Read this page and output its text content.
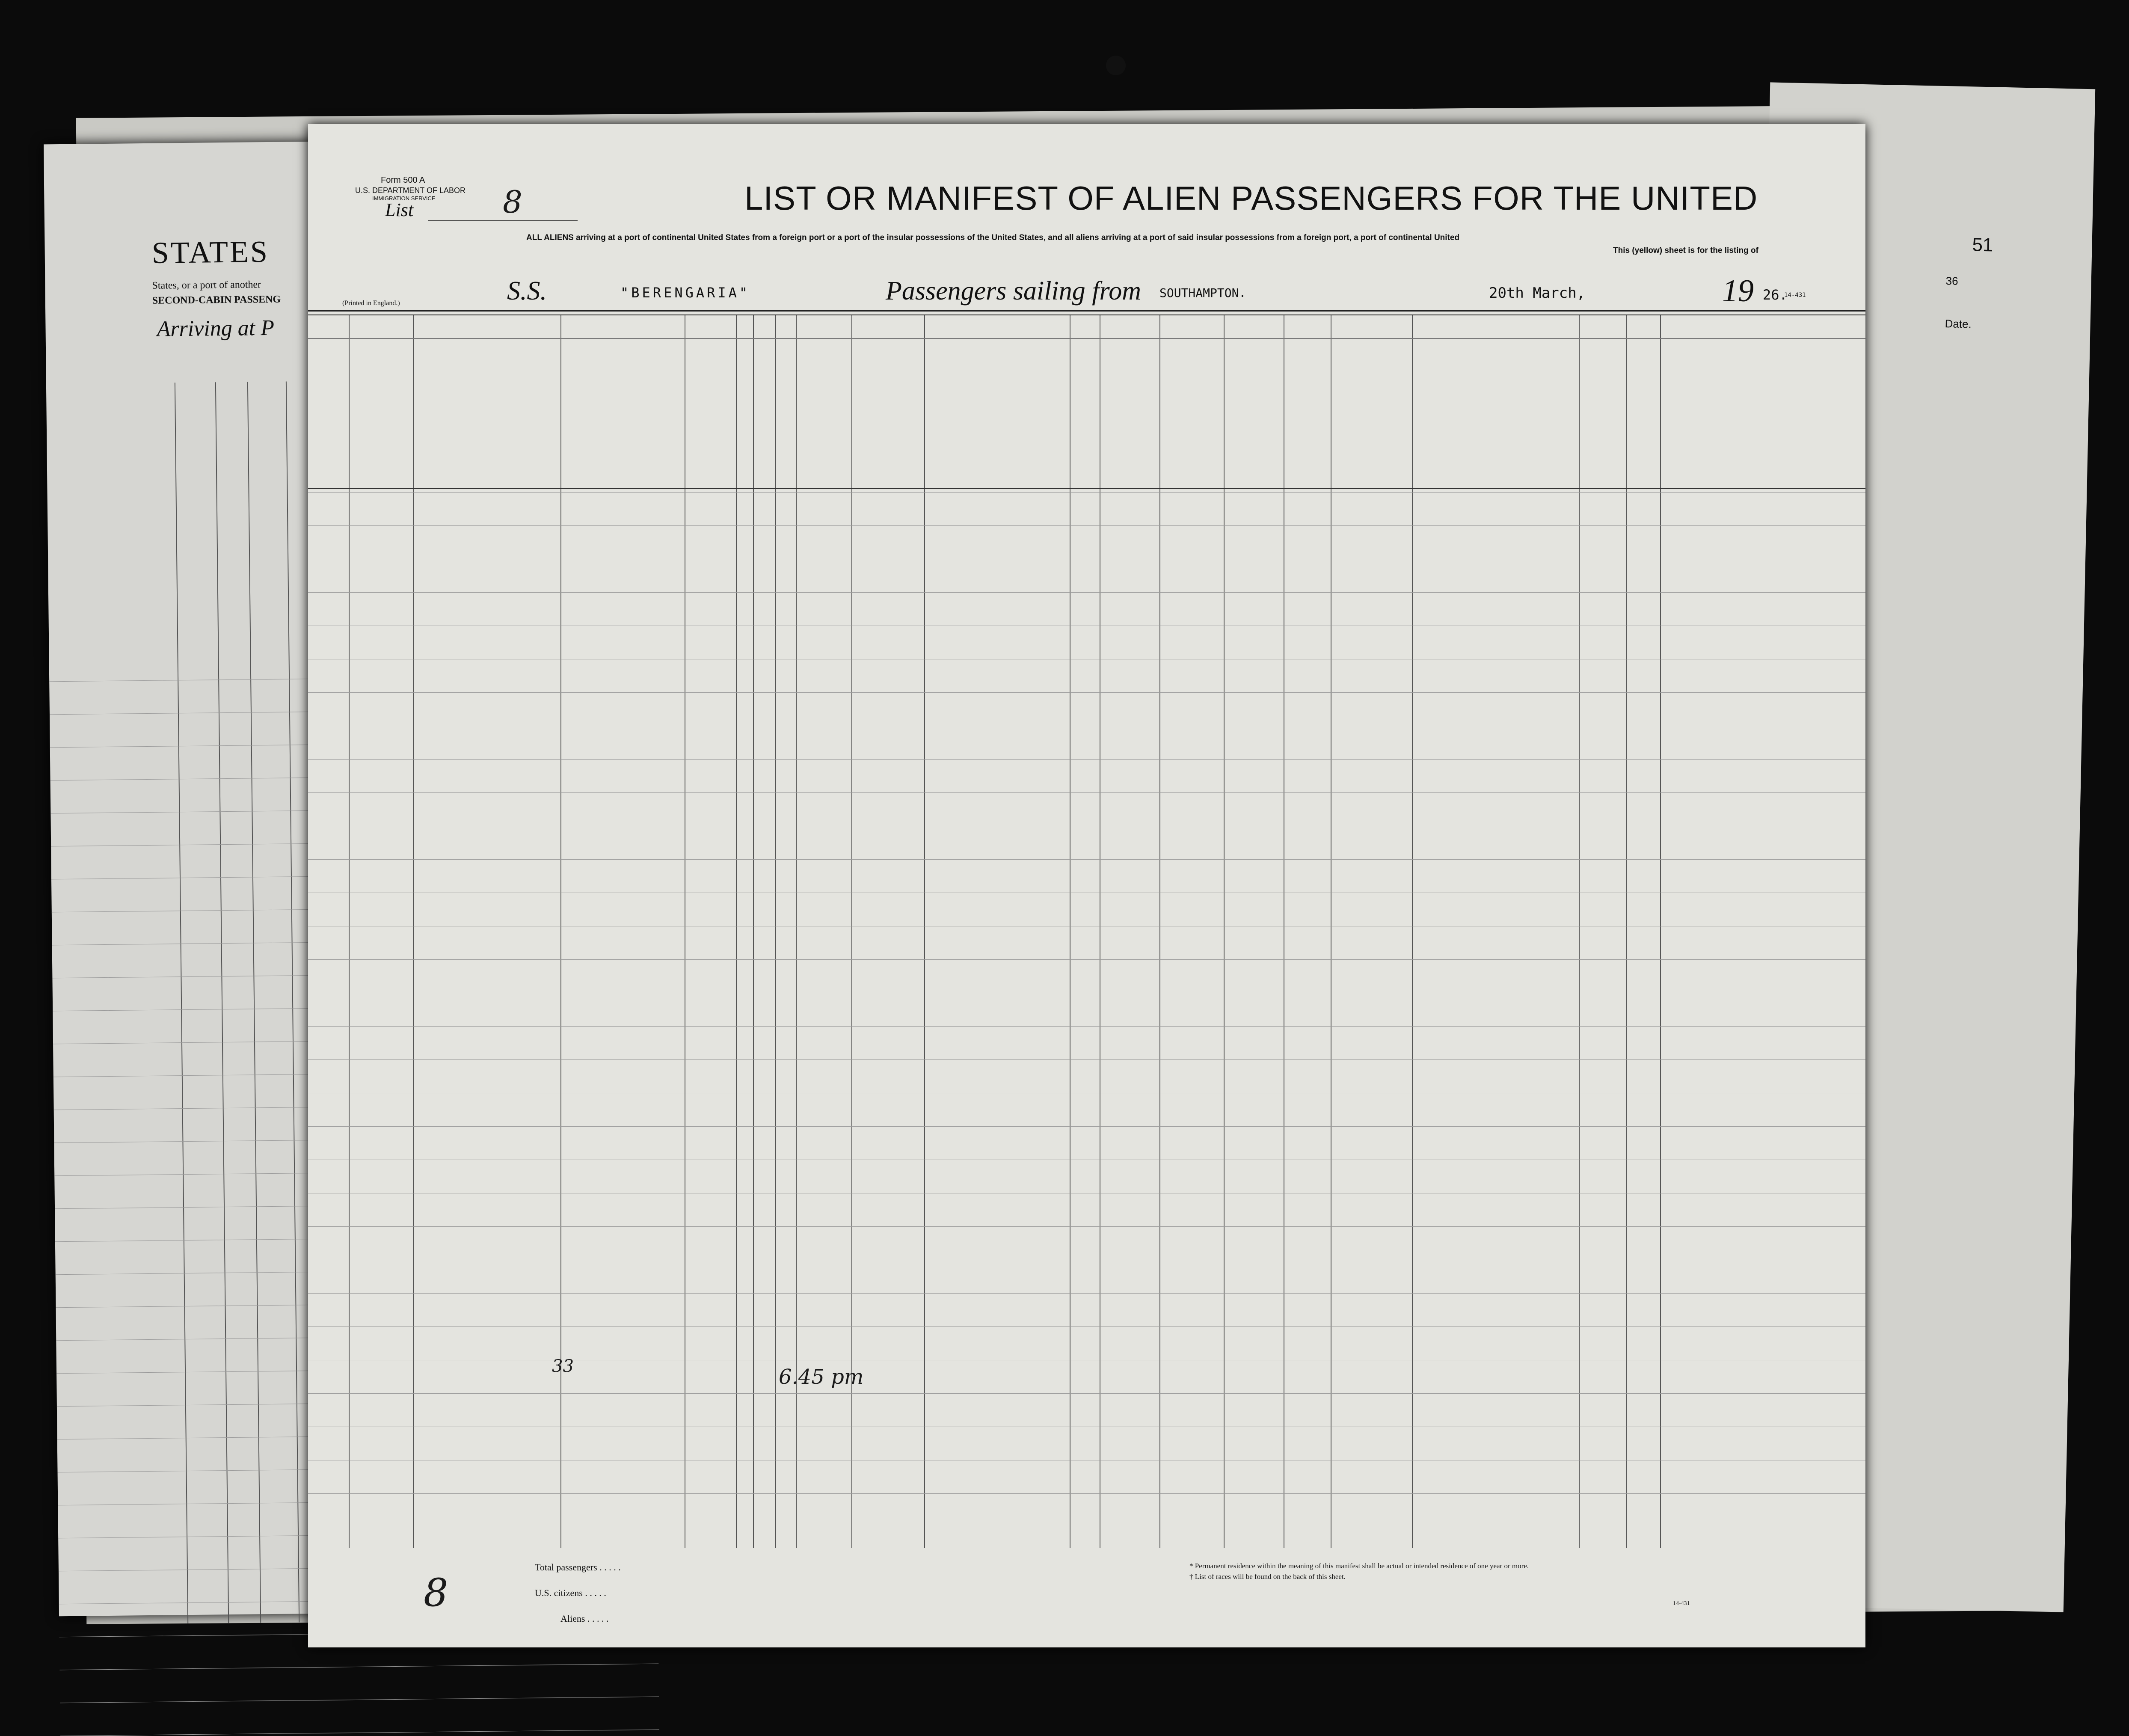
51
36
Date.
STATES
States, or a port of another
SECOND-CABIN PASSENG
Arriving at P
Form 500 A
U.S. DEPARTMENT OF LABOR
IMMIGRATION SERVICE
List	8	LIST OR MANIFEST OF ALIEN PASSENGERS FOR THE UNITED
ALL ALIENS arriving at a port of continental United States from a foreign port or a port of the insular possessions of the United States, and all aliens arriving at a port of said insular possessions from a foreign port, a port of continental United
This (yellow) sheet is for the listing of
(Printed in England.)	S.S.	"BERENGARIA"	Passengers sailing from SOUTHAMPTON.	20th March,	19 26.
14-431
Total passengers . . . . .
U.S. citizens . . . . .
Aliens . . . . .
8
* Permanent residence within the meaning of this manifest shall be actual or intended residence of one year or more.
† List of races will be found on the back of this sheet.
14-431
6.45 pm
33
